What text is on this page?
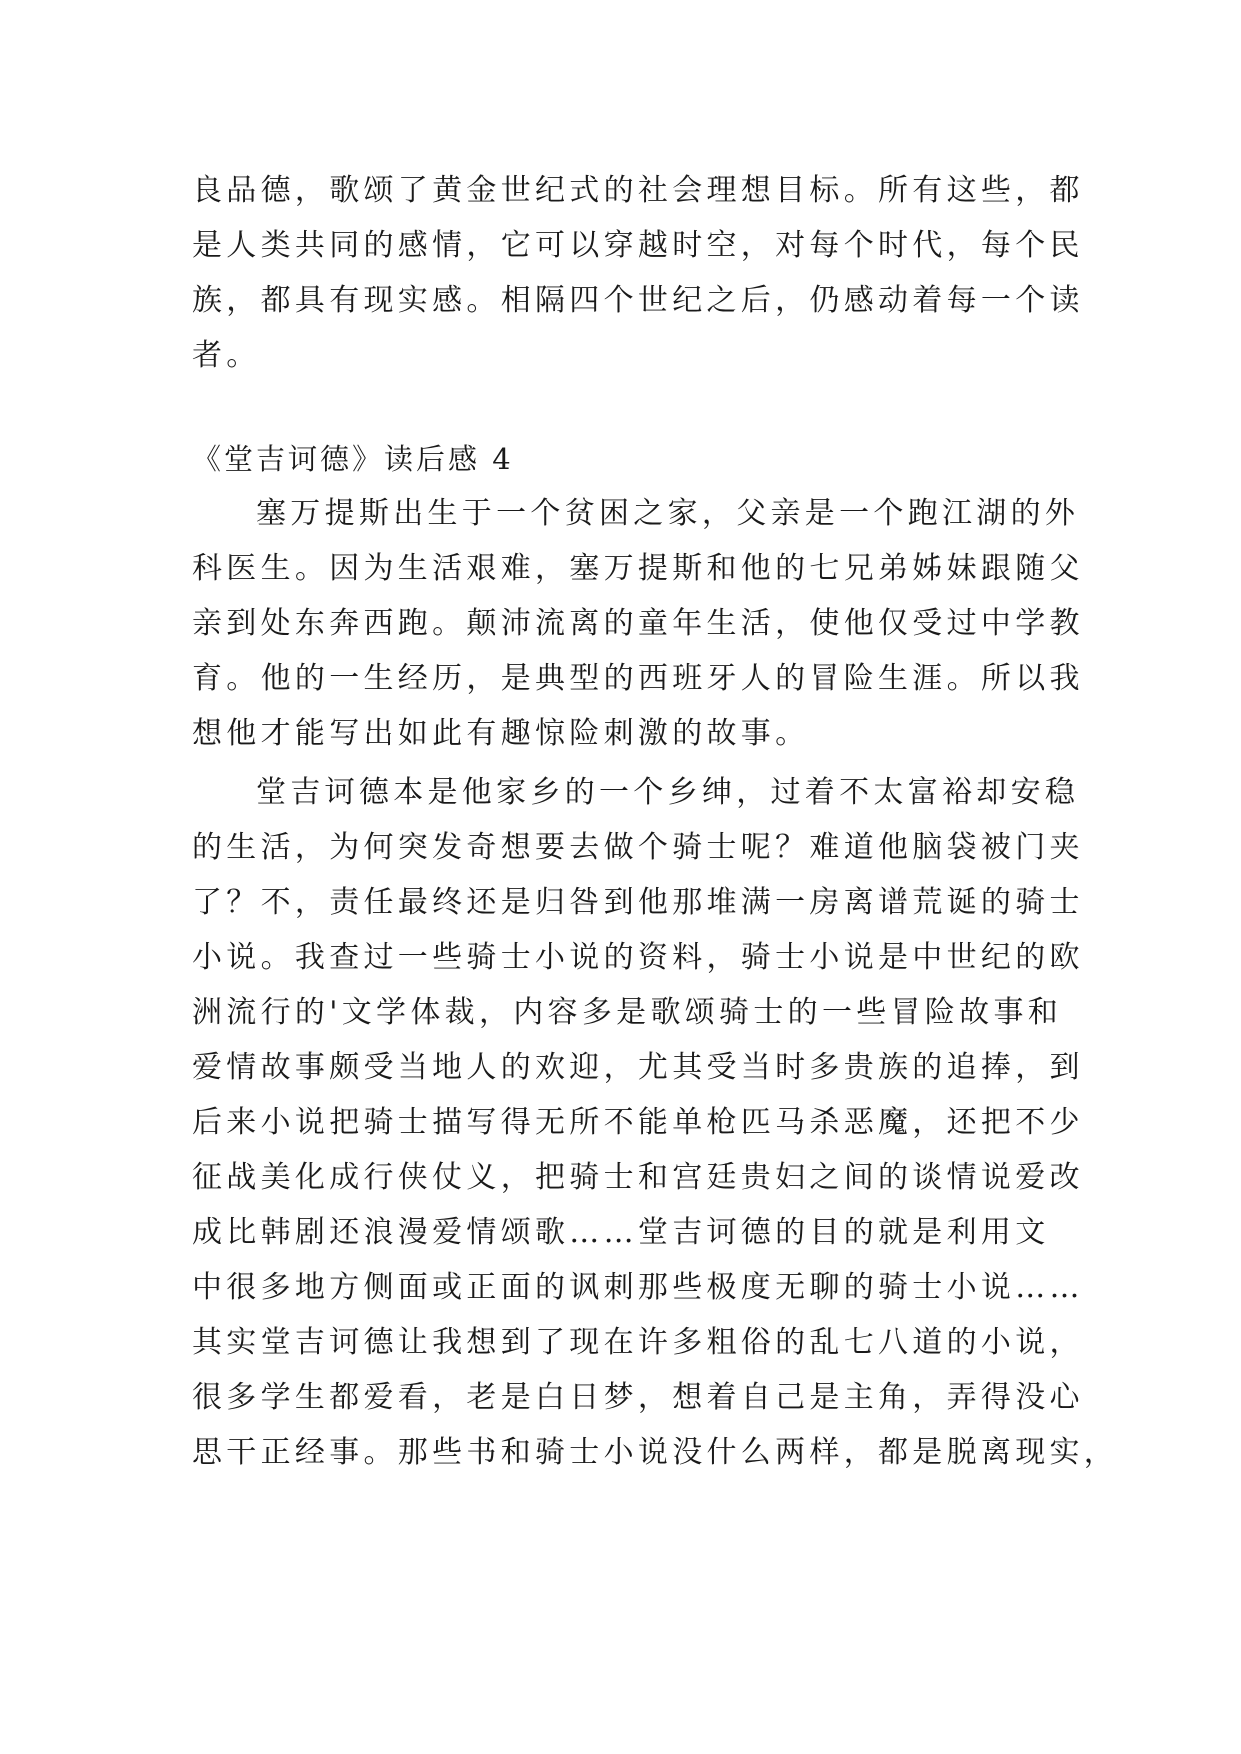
良品德，歌颂了黄金世纪式的社会理想目标。所有这些，都
是人类共同的感情，它可以穿越时空，对每个时代，每个民
族，都具有现实感。相隔四个世纪之后，仍感动着每一个读
者。
《堂吉诃德》读后感 4
塞万提斯出生于一个贫困之家，父亲是一个跑江湖的外
科医生。因为生活艰难，塞万提斯和他的七兄弟姊妹跟随父
亲到处东奔西跑。颠沛流离的童年生活，使他仅受过中学教
育。他的一生经历，是典型的西班牙人的冒险生涯。所以我
想他才能写出如此有趣惊险刺激的故事。
堂吉诃德本是他家乡的一个乡绅，过着不太富裕却安稳
的生活，为何突发奇想要去做个骑士呢？难道他脑袋被门夹
了？不，责任最终还是归咎到他那堆满一房离谱荒诞的骑士
小说。我查过一些骑士小说的资料，骑士小说是中世纪的欧
洲流行的'文学体裁，内容多是歌颂骑士的一些冒险故事和
爱情故事颇受当地人的欢迎，尤其受当时多贵族的追捧，到
后来小说把骑士描写得无所不能单枪匹马杀恶魔，还把不少
征战美化成行侠仗义，把骑士和宫廷贵妇之间的谈情说爱改
成比韩剧还浪漫爱情颂歌……堂吉诃德的目的就是利用文
中很多地方侧面或正面的讽刺那些极度无聊的骑士小说……
其实堂吉诃德让我想到了现在许多粗俗的乱七八道的小说，
很多学生都爱看，老是白日梦，想着自己是主角，弄得没心
思干正经事。那些书和骑士小说没什么两样，都是脱离现实，
